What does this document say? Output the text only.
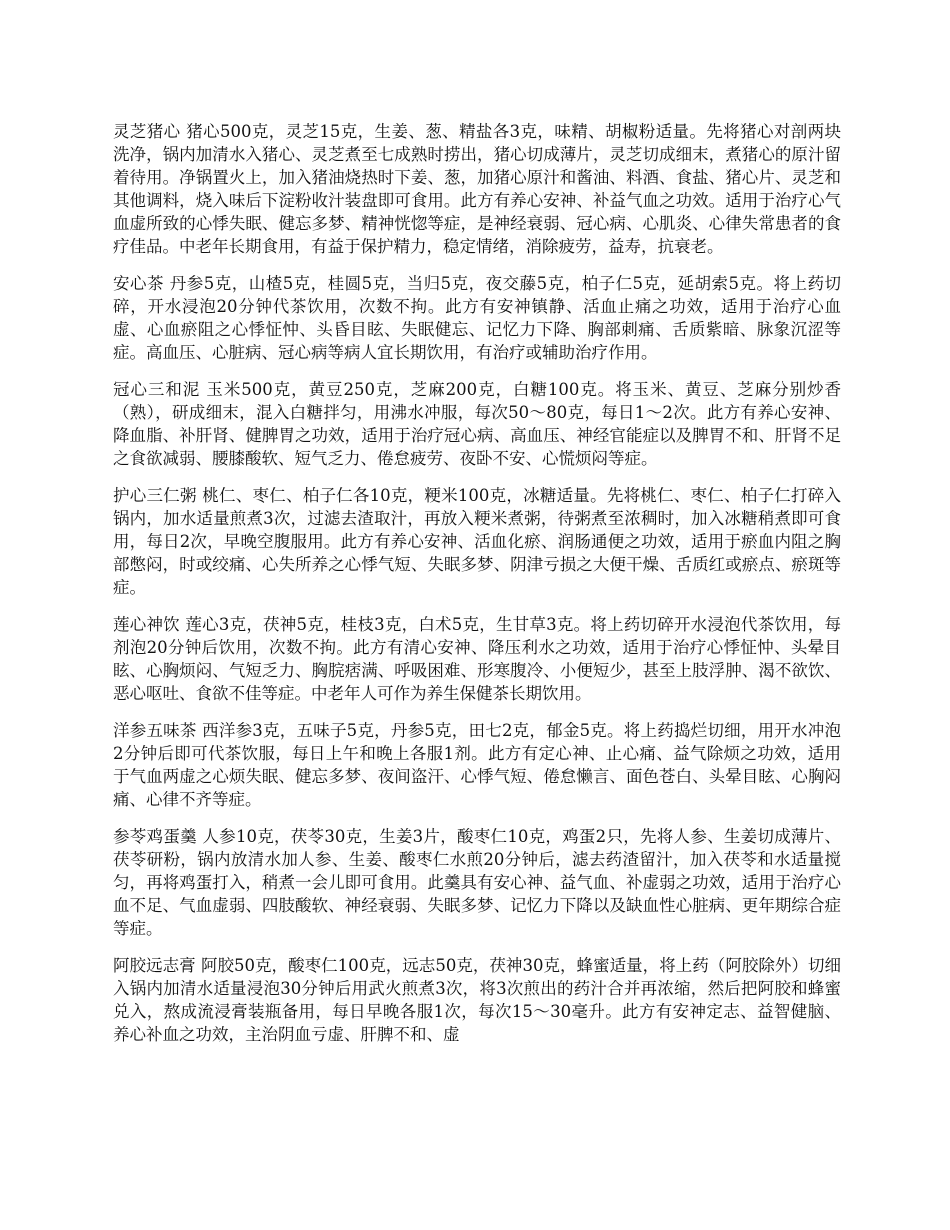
灵芝猪心 猪心500克，灵芝15克，生姜、葱、精盐各3克，味精、胡椒粉适量。先将猪心对剖两块洗净，锅内加清水入猪心、灵芝煮至七成熟时捞出，猪心切成薄片，灵芝切成细末，煮猪心的原汁留着待用。净锅置火上，加入猪油烧热时下姜、葱，加猪心原汁和酱油、料酒、食盐、猪心片、灵芝和其他调料，烧入味后下淀粉收汁装盘即可食用。此方有养心安神、补益气血之功效。适用于治疗心气血虚所致的心悸失眠、健忘多梦、精神恍惚等症，是神经衰弱、冠心病、心肌炎、心律失常患者的食疗佳品。中老年长期食用，有益于保护精力，稳定情绪，消除疲劳，益寿，抗衰老。

安心茶 丹参5克，山楂5克，桂圆5克，当归5克，夜交藤5克，柏子仁5克，延胡索5克。将上药切碎，开水浸泡20分钟代茶饮用，次数不拘。此方有安神镇静、活血止痛之功效，适用于治疗心血虚、心血瘀阻之心悸怔忡、头昏目眩、失眠健忘、记忆力下降、胸部刺痛、舌质紫暗、脉象沉涩等症。高血压、心脏病、冠心病等病人宜长期饮用，有治疗或辅助治疗作用。

冠心三和泥 玉米500克，黄豆250克，芝麻200克，白糖100克。将玉米、黄豆、芝麻分别炒香（熟），研成细末，混入白糖拌匀，用沸水冲服，每次50～80克，每日1～2次。此方有养心安神、降血脂、补肝肾、健脾胃之功效，适用于治疗冠心病、高血压、神经官能症以及脾胃不和、肝肾不足之食欲减弱、腰膝酸软、短气乏力、倦怠疲劳、夜卧不安、心慌烦闷等症。

护心三仁粥 桃仁、枣仁、柏子仁各10克，粳米100克，冰糖适量。先将桃仁、枣仁、柏子仁打碎入锅内，加水适量煎煮3次，过滤去渣取汁，再放入粳米煮粥，待粥煮至浓稠时，加入冰糖稍煮即可食用，每日2次，早晚空腹服用。此方有养心安神、活血化瘀、润肠通便之功效，适用于瘀血内阻之胸部憋闷，时或绞痛、心失所养之心悸气短、失眠多梦、阴津亏损之大便干燥、舌质红或瘀点、瘀斑等症。

莲心神饮 莲心3克，茯神5克，桂枝3克，白术5克，生甘草3克。将上药切碎开水浸泡代茶饮用，每剂泡20分钟后饮用，次数不拘。此方有清心安神、降压利水之功效，适用于治疗心悸怔忡、头晕目眩、心胸烦闷、气短乏力、胸脘痞满、呼吸困难、形寒腹冷、小便短少，甚至上肢浮肿、渴不欲饮、恶心呕吐、食欲不佳等症。中老年人可作为养生保健茶长期饮用。

洋参五味茶 西洋参3克，五味子5克，丹参5克，田七2克，郁金5克。将上药捣烂切细，用开水冲泡2分钟后即可代茶饮服，每日上午和晚上各服1剂。此方有定心神、止心痛、益气除烦之功效，适用于气血两虚之心烦失眠、健忘多梦、夜间盗汗、心悸气短、倦怠懒言、面色苍白、头晕目眩、心胸闷痛、心律不齐等症。

参苓鸡蛋羹 人参10克，茯苓30克，生姜3片，酸枣仁10克，鸡蛋2只，先将人参、生姜切成薄片、茯苓研粉，锅内放清水加人参、生姜、酸枣仁水煎20分钟后，滤去药渣留汁，加入茯苓和水适量搅匀，再将鸡蛋打入，稍煮一会儿即可食用。此羹具有安心神、益气血、补虚弱之功效，适用于治疗心血不足、气血虚弱、四肢酸软、神经衰弱、失眠多梦、记忆力下降以及缺血性心脏病、更年期综合症等症。

阿胶远志膏 阿胶50克，酸枣仁100克，远志50克，茯神30克，蜂蜜适量，将上药（阿胶除外）切细入锅内加清水适量浸泡30分钟后用武火煎煮3次，将3次煎出的药汁合并再浓缩，然后把阿胶和蜂蜜兑入，熬成流浸膏装瓶备用，每日早晚各服1次，每次15～30毫升。此方有安神定志、益智健脑、养心补血之功效，主治阴血亏虚、肝脾不和、虚
